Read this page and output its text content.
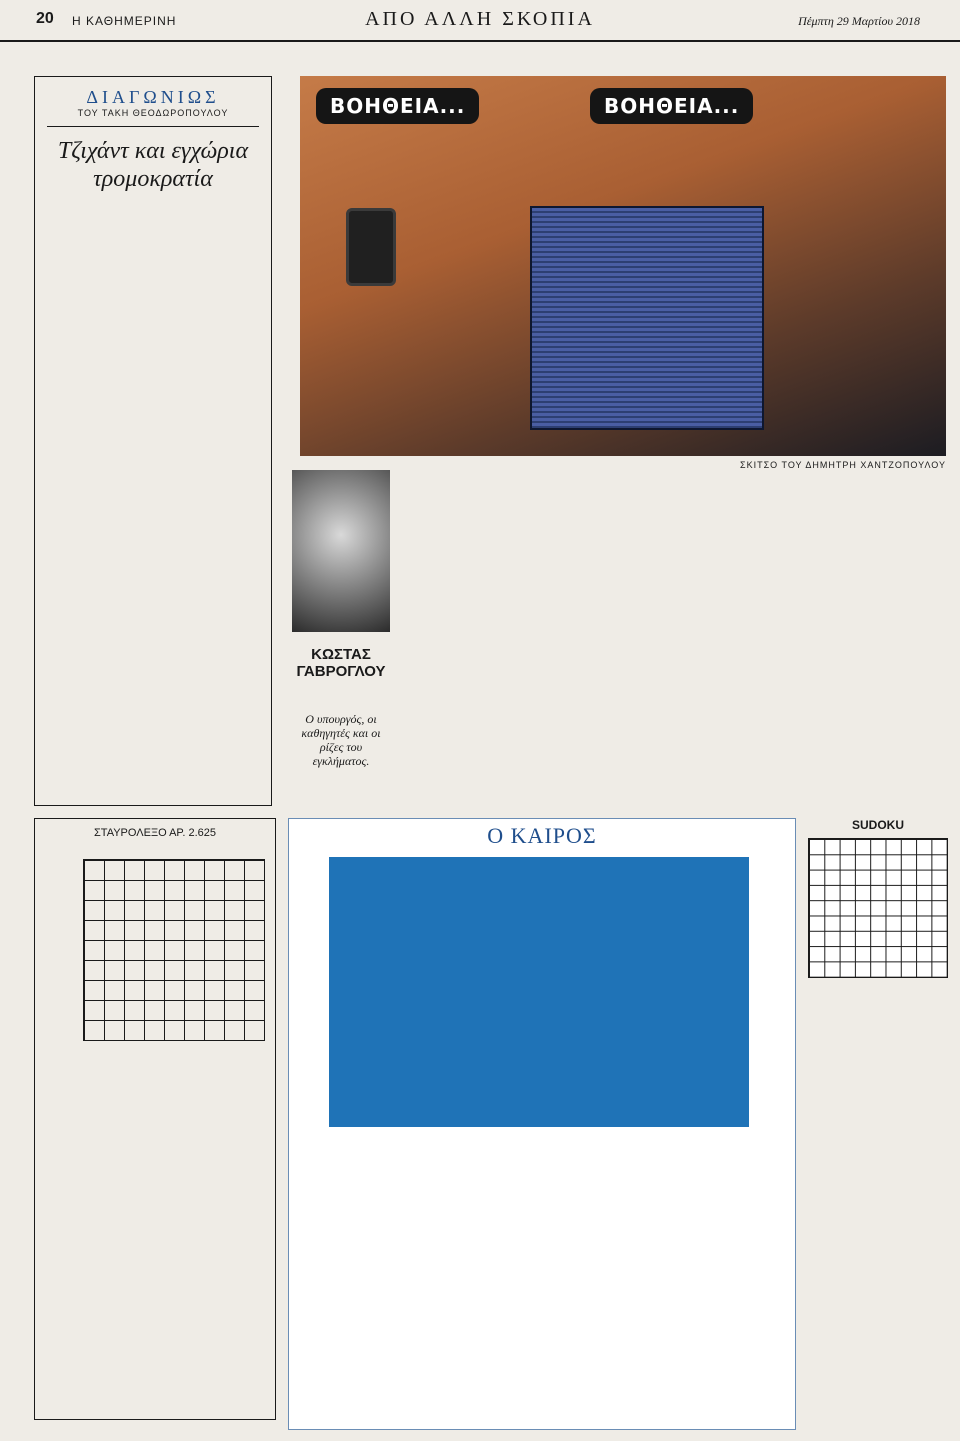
20 Η ΚΑΘΗΜΕΡΙΝΗ	ΑΠΟ ΑΛΛΗ ΣΚΟΠΙΑ	Πέμπτη 29 Μαρτίου 2018
ΔΙΑΓΩΝΙΩΣ
ΤΟΥ ΤΑΚΗ ΘΕΟΔΩΡΟΠΟΥΛΟΥ
Τζιχάντ και εγχώρια τρομοκρατία
ΒΟΗΘΕΙΑ...	ΒΟΗΘΕΙΑ...
ΣΚΙΤΣΟ ΤΟΥ ΔΗΜΗΤΡΗ ΧΑΝΤΖΟΠΟΥΛΟΥ
ΚΩΣΤΑΣ ΓΑΒΡΟΓΛΟΥ
Ο υπουργός, οι καθηγητές και οι ρίζες του εγκλήματος.
ΣΤΑΥΡΟΛΕΞΟ ΑΡ. 2.625	Ο ΚΑΙΡΟΣ	SUDOKU
